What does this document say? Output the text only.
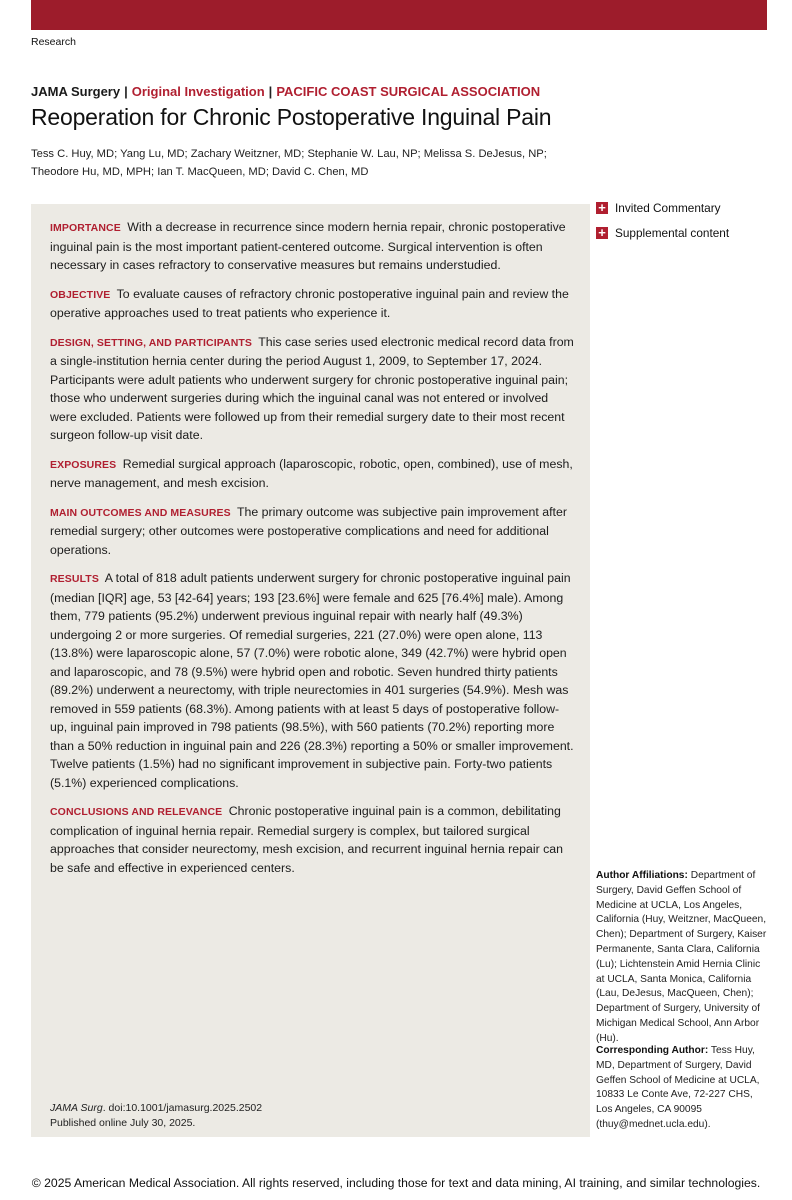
Research
JAMA Surgery | Original Investigation | PACIFIC COAST SURGICAL ASSOCIATION
Reoperation for Chronic Postoperative Inguinal Pain
Tess C. Huy, MD; Yang Lu, MD; Zachary Weitzner, MD; Stephanie W. Lau, NP; Melissa S. DeJesus, NP;
Theodore Hu, MD, MPH; Ian T. MacQueen, MD; David C. Chen, MD

IMPORTANCE With a decrease in recurrence since modern hernia repair, chronic postoperative inguinal pain is the most important patient-centered outcome. Surgical intervention is often necessary in cases refractory to conservative measures but remains understudied.

OBJECTIVE To evaluate causes of refractory chronic postoperative inguinal pain and review the operative approaches used to treat patients who experience it.

DESIGN, SETTING, AND PARTICIPANTS This case series used electronic medical record data from a single-institution hernia center during the period August 1, 2009, to September 17, 2024. Participants were adult patients who underwent surgery for chronic postoperative inguinal pain; those who underwent surgeries during which the inguinal canal was not entered or involved were excluded. Patients were followed up from their remedial surgery date to their most recent surgeon follow-up visit date.

EXPOSURES Remedial surgical approach (laparoscopic, robotic, open, combined), use of mesh, nerve management, and mesh excision.

MAIN OUTCOMES AND MEASURES The primary outcome was subjective pain improvement after remedial surgery; other outcomes were postoperative complications and need for additional operations.

RESULTS A total of 818 adult patients underwent surgery for chronic postoperative inguinal pain (median [IQR] age, 53 [42-64] years; 193 [23.6%] were female and 625 [76.4%] male). Among them, 779 patients (95.2%) underwent previous inguinal repair with nearly half (49.3%) undergoing 2 or more surgeries. Of remedial surgeries, 221 (27.0%) were open alone, 113 (13.8%) were laparoscopic alone, 57 (7.0%) were robotic alone, 349 (42.7%) were hybrid open and laparoscopic, and 78 (9.5%) were hybrid open and robotic. Seven hundred thirty patients (89.2%) underwent a neurectomy, with triple neurectomies in 401 surgeries (54.9%). Mesh was removed in 559 patients (68.3%). Among patients with at least 5 days of postoperative follow-up, inguinal pain improved in 798 patients (98.5%), with 560 patients (70.2%) reporting more than a 50% reduction in inguinal pain and 226 (28.3%) reporting a 50% or smaller improvement. Twelve patients (1.5%) had no significant improvement in subjective pain. Forty-two patients (5.1%) experienced complications.

CONCLUSIONS AND RELEVANCE Chronic postoperative inguinal pain is a common, debilitating complication of inguinal hernia repair. Remedial surgery is complex, but tailored surgical approaches that consider neurectomy, mesh excision, and recurrent inguinal hernia repair can be safe and effective in experienced centers.

JAMA Surg. doi:10.1001/jamasurg.2025.2502
Published online July 30, 2025.
+ Invited Commentary
+ Supplemental content
Author Affiliations: Department of Surgery, David Geffen School of Medicine at UCLA, Los Angeles, California (Huy, Weitzner, MacQueen, Chen); Department of Surgery, Kaiser Permanente, Santa Clara, California (Lu); Lichtenstein Amid Hernia Clinic at UCLA, Santa Monica, California (Lau, DeJesus, MacQueen, Chen); Department of Surgery, University of Michigan Medical School, Ann Arbor (Hu).
Corresponding Author: Tess Huy, MD, Department of Surgery, David Geffen School of Medicine at UCLA, 10833 Le Conte Ave, 72-227 CHS, Los Angeles, CA 90095 (thuy@mednet.ucla.edu).
© 2025 American Medical Association. All rights reserved, including those for text and data mining, AI training, and similar technologies.
